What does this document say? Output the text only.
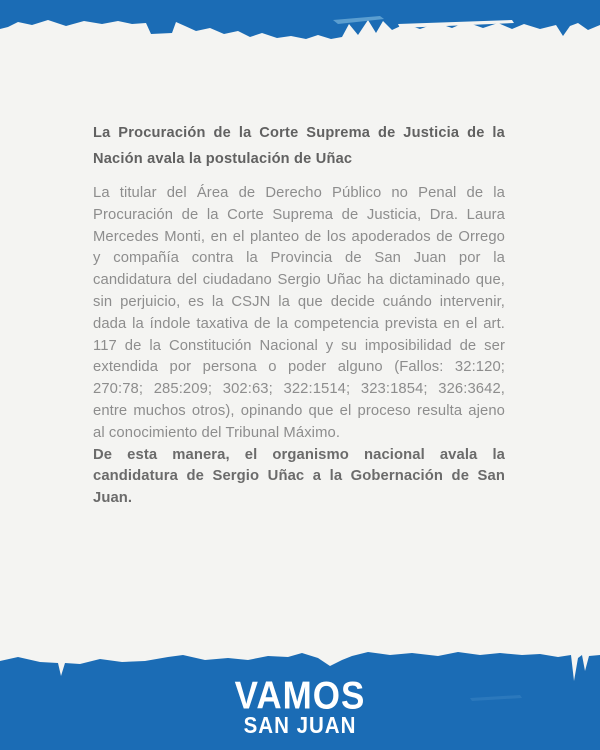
La Procuración de la Corte Suprema de Justicia de la Nación avala la postulación de Uñac

La titular del Área de Derecho Público no Penal de la Procuración de la Corte Suprema de Justicia, Dra. Laura Mercedes Monti, en el planteo de los apoderados de Orrego y compañía contra la Provincia de San Juan por la candidatura del ciudadano Sergio Uñac ha dictaminado que, sin perjuicio, es la CSJN la que decide cuándo intervenir, dada la índole taxativa de la competencia prevista en el art. 117 de la Constitución Nacional y su imposibilidad de ser extendida por persona o poder alguno (Fallos: 32:120; 270:78; 285:209; 302:63; 322:1514; 323:1854; 326:3642, entre muchos otros), opinando que el proceso resulta ajeno al conocimiento del Tribunal Máximo.

De esta manera, el organismo nacional avala la candidatura de Sergio Uñac a la Gobernación de San Juan.

VAMOS
SAN JUAN
